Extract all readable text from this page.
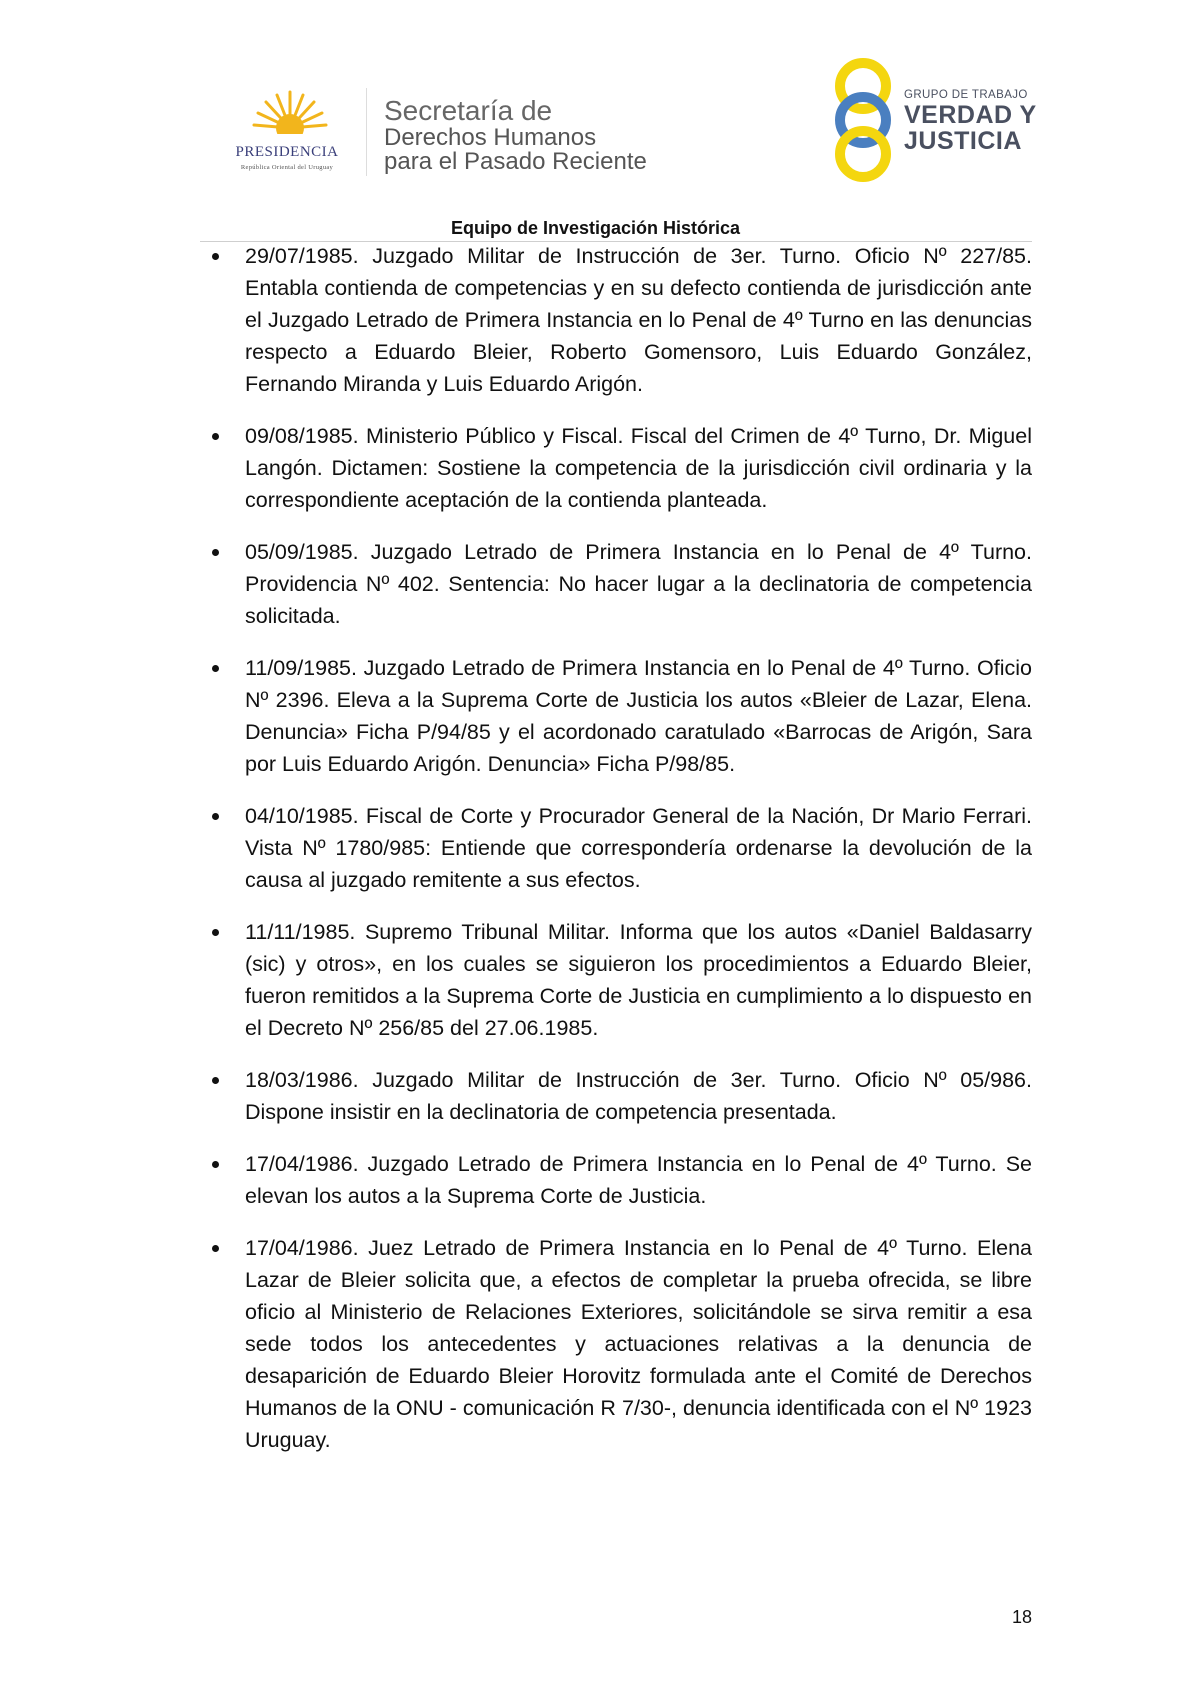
PRESIDENCIA
República Oriental del Uruguay
Secretaría de
Derechos Humanos
para el Pasado Reciente
GRUPO DE TRABAJO
VERDAD Y
JUSTICIA
Equipo de Investigación Histórica
29/07/1985. Juzgado Militar de Instrucción de 3er. Turno. Oficio Nº 227/85. Entabla contienda de competencias y en su defecto contienda de jurisdicción ante el Juzgado Letrado de Primera Instancia en lo Penal de 4º Turno en las denuncias respecto a Eduardo Bleier, Roberto Gomensoro, Luis Eduardo González, Fernando Miranda y Luis Eduardo Arigón.
09/08/1985. Ministerio Público y Fiscal. Fiscal del Crimen de 4º Turno, Dr. Miguel Langón. Dictamen: Sostiene la competencia de la jurisdicción civil ordinaria y la correspondiente aceptación de la contienda planteada.
05/09/1985. Juzgado Letrado de Primera Instancia en lo Penal de 4º Turno. Providencia Nº 402. Sentencia: No hacer lugar a la declinatoria de competencia solicitada.
11/09/1985. Juzgado Letrado de Primera Instancia en lo Penal de 4º Turno. Oficio Nº 2396. Eleva a la Suprema Corte de Justicia los autos «Bleier de Lazar, Elena. Denuncia» Ficha P/94/85 y el acordonado caratulado «Barrocas de Arigón, Sara por Luis Eduardo Arigón. Denuncia» Ficha P/98/85.
04/10/1985. Fiscal de Corte y Procurador General de la Nación, Dr Mario Ferrari. Vista Nº 1780/985: Entiende que correspondería ordenarse la devolución de la causa al juzgado remitente a sus efectos.
11/11/1985. Supremo Tribunal Militar. Informa que los autos «Daniel Baldasarry (sic) y otros», en los cuales se siguieron los procedimientos a Eduardo Bleier, fueron remitidos a la Suprema Corte de Justicia en cumplimiento a lo dispuesto en el Decreto Nº 256/85 del 27.06.1985.
18/03/1986. Juzgado Militar de Instrucción de 3er. Turno. Oficio Nº 05/986. Dispone insistir en la declinatoria de competencia presentada.
17/04/1986. Juzgado Letrado de Primera Instancia en lo Penal de 4º Turno. Se elevan los autos a la Suprema Corte de Justicia.
17/04/1986. Juez Letrado de Primera Instancia en lo Penal de 4º Turno. Elena Lazar de Bleier solicita que, a efectos de completar la prueba ofrecida, se libre oficio al Ministerio de Relaciones Exteriores, solicitándole se sirva remitir a esa sede todos los antecedentes y actuaciones relativas a la denuncia de desaparición de Eduardo Bleier Horovitz formulada ante el Comité de Derechos Humanos de la ONU - comunicación R 7/30-, denuncia identificada con el Nº 1923 Uruguay.
18
